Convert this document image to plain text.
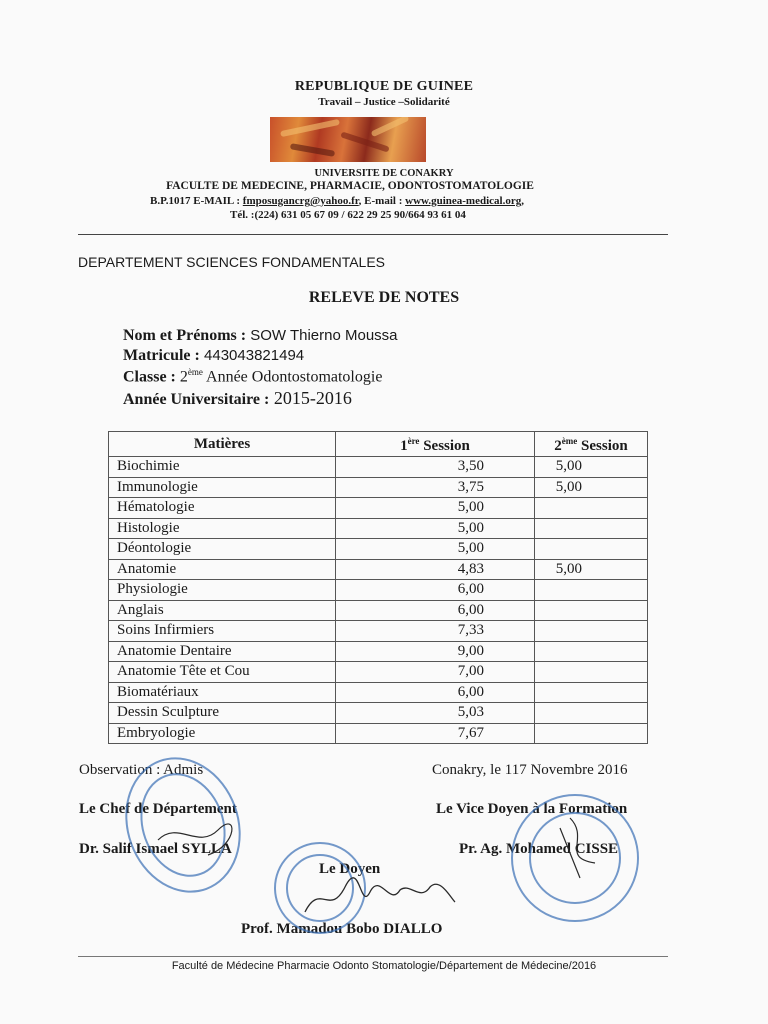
REPUBLIQUE DE GUINEE
Travail – Justice –Solidarité
UNIVERSITE DE CONAKRY
FACULTE DE MEDECINE, PHARMACIE, ODONTOSTOMATOLOGIE
B.P.1017 E-MAIL : fmposugancrg@yahoo.fr, E-mail : www.guinea-medical.org,
Tél. :(224) 631 05 67 09 / 622 29 25 90/664 93 61 04
DEPARTEMENT SCIENCES FONDAMENTALES
RELEVE DE NOTES
Nom et Prénoms : SOW Thierno Moussa
Matricule : 443043821494
Classe : 2ème Année Odontostomatologie
Année Universitaire : 2015-2016
Matières	1ère Session	2ème Session
Biochimie	3,50	5,00
Immunologie	3,75	5,00
Hématologie	5,00	
Histologie	5,00	
Déontologie	5,00	
Anatomie	4,83	5,00
Physiologie	6,00	
Anglais	6,00	
Soins Infirmiers	7,33	
Anatomie Dentaire	9,00	
Anatomie Tête et Cou	7,00	
Biomatériaux	6,00	
Dessin Sculpture	5,03	
Embryologie	7,67	
Observation : Admis	Conakry, le 117 Novembre 2016
Le Chef de Département	Le Vice Doyen à la Formation
Dr. Salif Ismael SYLLA	Pr. Ag. Mohamed CISSE
Le Doyen
Prof. Mamadou Bobo DIALLO
Faculté de Médecine Pharmacie Odonto Stomatologie/Département de Médecine/2016
